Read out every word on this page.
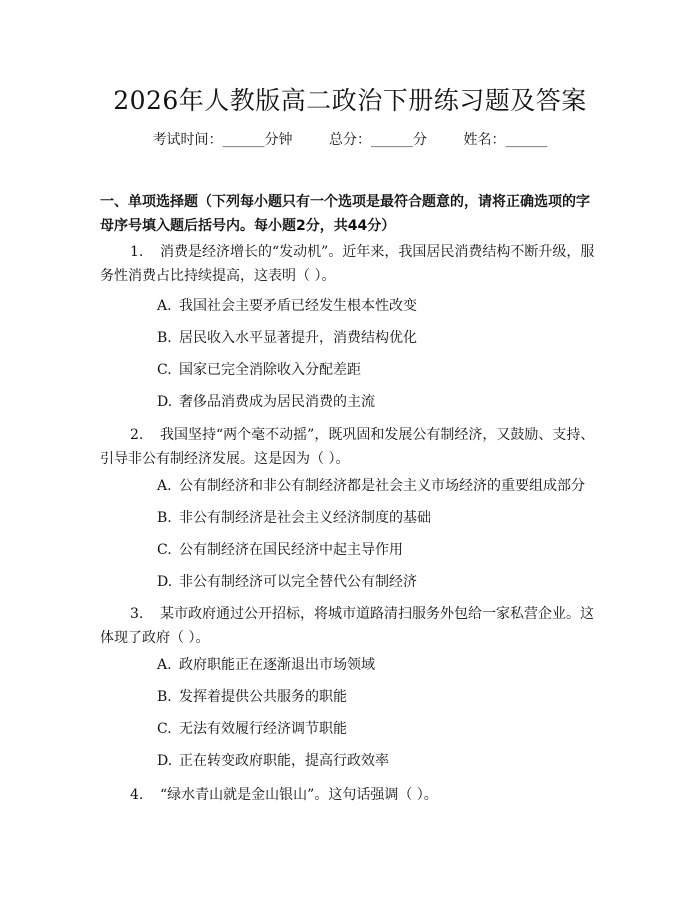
2026年人教版高二政治下册练习题及答案
考试时间：______分钟	总分：______分	姓名：______
一、单项选择题（下列每小题只有一个选项是最符合题意的，请将正确选项的字母序号填入题后括号内。每小题2分，共44分）
1. 消费是经济增长的“发动机”。近年来，我国居民消费结构不断升级，服务性消费占比持续提高，这表明（ ）。
A. 我国社会主要矛盾已经发生根本性改变
B. 居民收入水平显著提升，消费结构优化
C. 国家已完全消除收入分配差距
D. 奢侈品消费成为居民消费的主流
2. 我国坚持“两个毫不动摇”，既巩固和发展公有制经济，又鼓励、支持、引导非公有制经济发展。这是因为（ ）。
A. 公有制经济和非公有制经济都是社会主义市场经济的重要组成部分
B. 非公有制经济是社会主义经济制度的基础
C. 公有制经济在国民经济中起主导作用
D. 非公有制经济可以完全替代公有制经济
3. 某市政府通过公开招标，将城市道路清扫服务外包给一家私营企业。这体现了政府（ ）。
A. 政府职能正在逐渐退出市场领域
B. 发挥着提供公共服务的职能
C. 无法有效履行经济调节职能
D. 正在转变政府职能，提高行政效率
4. “绿水青山就是金山银山”。这句话强调（ ）。
